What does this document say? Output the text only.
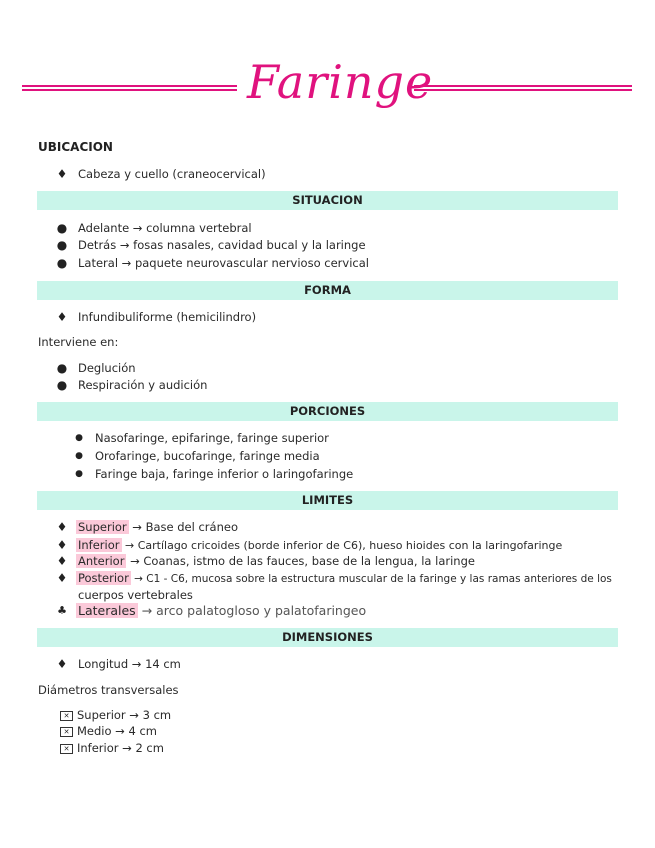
Faringe
UBICACION
♦ Cabeza y cuello (craneocervical)
SITUACION
● Adelante → columna vertebral
● Detrás → fosas nasales, cavidad bucal y la laringe
● Lateral → paquete neurovascular nervioso cervical
FORMA
♦ Infundibuliforme (hemicilindro)
Interviene en:
● Deglución
● Respiración y audición
PORCIONES
● Nasofaringe, epifaringe, faringe superior
● Orofaringe, bucofaringe, faringe media
● Faringe baja, faringe inferior o laringofaringe
LIMITES
♦ Superior → Base del cráneo
♦ Inferior → Cartílago cricoides (borde inferior de C6), hueso hioides con la laringofaringe
♦ Anterior → Coanas, istmo de las fauces, base de la lengua, la laringe
♦ Posterior → C1 - C6, mucosa sobre la estructura muscular de la faringe y las ramas anteriores de los
cuerpos vertebrales
♣ Laterales → arco palatogloso y palatofaringeo
DIMENSIONES
♦ Longitud → 14 cm
Diámetros transversales
✕ Superior → 3 cm
✕ Medio → 4 cm
✕ Inferior → 2 cm
